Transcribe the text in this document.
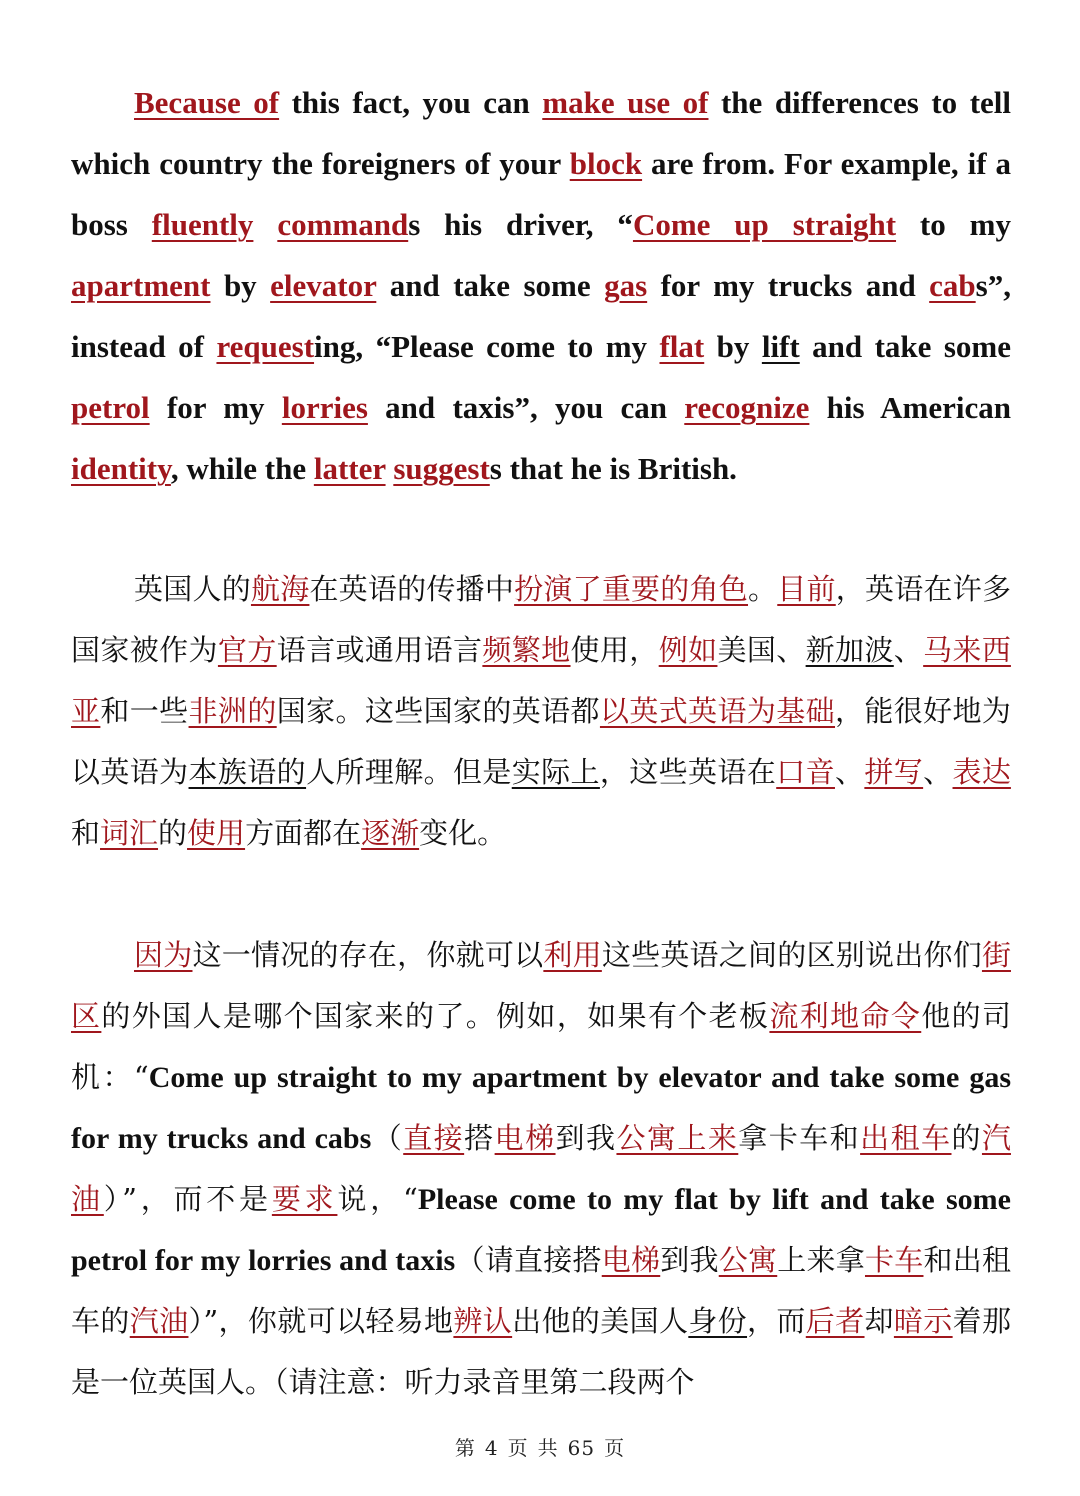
Because of this fact, you can make use of the differences to tell which country the foreigners of your block are from. For example, if a boss fluently commands his driver, “Come up straight to my apartment by elevator and take some gas for my trucks and cabs”, instead of requesting, “Please come to my flat by lift and take some petrol for my lorries and taxis”, you can recognize his American identity, while the latter suggests that he is British.

英国人的航海在英语的传播中扮演了重要的角色。目前，英语在许多国家被作为官方语言或通用语言频繁地使用，例如美国、新加波、马来西亚和一些非洲的国家。这些国家的英语都以英式英语为基础，能很好地为以英语为本族语的人所理解。但是实际上，这些英语在口音、拼写、表达和词汇的使用方面都在逐渐变化。

因为这一情况的存在，你就可以利用这些英语之间的区别说出你们街区的外国人是哪个国家来的了。例如，如果有个老板流利地命令他的司机：“Come up straight to my apartment by elevator and take some gas for my trucks and cabs（直接搭电梯到我公寓上来拿卡车和出租车的汽油）”，而不是要求说，“Please come to my flat by lift and take some petrol for my lorries and taxis（请直接搭电梯到我公寓上来拿卡车和出租车的汽油）”，你就可以轻易地辨认出他的美国人身份，而后者却暗示着那是一位英国人。（请注意：听力录音里第二段两个

第 4 页 共 65 页
